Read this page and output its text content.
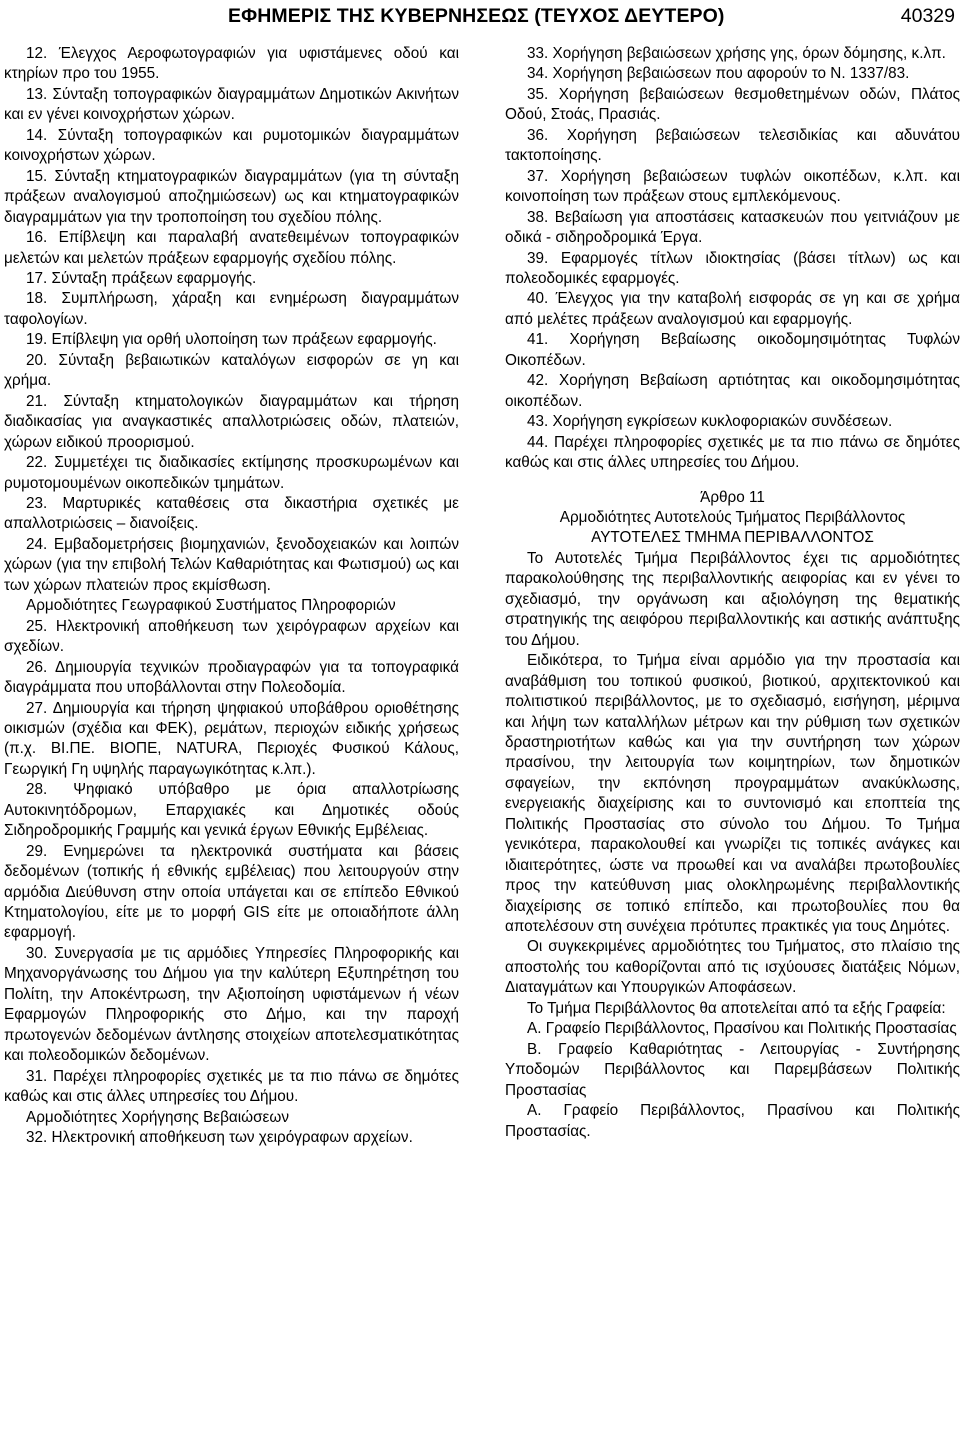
ΕΦΗΜΕΡΙΣ ΤΗΣ ΚΥΒΕΡΝΗΣΕΩΣ (ΤΕΥΧΟΣ ΔΕΥΤΕΡΟ)	40329

12. Έλεγχος Αεροφωτογραφιών για υφιστάμενες οδού και κτηρίων προ του 1955.

13. Σύνταξη τοπογραφικών διαγραμμάτων Δημοτικών Ακινήτων και εν γένει κοινοχρήστων χώρων.

14. Σύνταξη τοπογραφικών και ρυμοτομικών διαγραμμάτων κοινοχρήστων χώρων.

15. Σύνταξη κτηματογραφικών διαγραμμάτων (για τη σύνταξη πράξεων αναλογισμού αποζημιώσεων) ως και κτηματογραφικών διαγραμμάτων για την τροποποίηση του σχεδίου πόλης.

16. Επίβλεψη και παραλαβή ανατεθειμένων τοπογραφικών μελετών και μελετών πράξεων εφαρμογής σχεδίου πόλης.

17. Σύνταξη πράξεων εφαρμογής.

18. Συμπλήρωση, χάραξη και ενημέρωση διαγραμμάτων ταφολογίων.

19. Επίβλεψη για ορθή υλοποίηση των πράξεων εφαρμογής.

20. Σύνταξη βεβαιωτικών καταλόγων εισφορών σε γη και χρήμα.

21. Σύνταξη κτηματολογικών διαγραμμάτων και τήρηση διαδικασίας για αναγκαστικές απαλλοτριώσεις οδών, πλατειών, χώρων ειδικού προορισμού.

22. Συμμετέχει τις διαδικασίες εκτίμησης προσκυρωμένων και ρυμοτομουμένων οικοπεδικών τμημάτων.

23. Μαρτυρικές καταθέσεις στα δικαστήρια σχετικές με απαλλοτριώσεις – διανοίξεις.

24. Εμβαδομετρήσεις βιομηχανιών, ξενοδοχειακών και λοιπών χώρων (για την επιβολή Τελών Καθαριότητας και Φωτισμού) ως και των χώρων πλατειών προς εκμίσθωση.

Αρμοδιότητες Γεωγραφικού Συστήματος Πληροφοριών

25. Ηλεκτρονική αποθήκευση των χειρόγραφων αρχείων και σχεδίων.

26. Δημιουργία τεχνικών προδιαγραφών για τα τοπογραφικά διαγράμματα που υποβάλλονται στην Πολεοδομία.

27. Δημιουργία και τήρηση ψηφιακού υποβάθρου οριοθέτησης οικισμών (σχέδια και ΦΕΚ), ρεμάτων, περιοχών ειδικής χρήσεως (π.χ. ΒΙ.ΠΕ. ΒΙΟΠΕ, NATURA, Περιοχές Φυσικού Κάλους, Γεωργική Γη υψηλής παραγωγικότητας κ.λπ.).

28. Ψηφιακό υπόβαθρο με όρια απαλλοτρίωσης Αυτοκινητόδρομων, Επαρχιακές και Δημοτικές οδούς Σιδηροδρομικής Γραμμής και γενικά έργων Εθνικής Εμβέλειας.

29. Ενημερώνει τα ηλεκτρονικά συστήματα και βάσεις δεδομένων (τοπικής ή εθνικής εμβέλειας) που λειτουργούν στην αρμόδια Διεύθυνση στην οποία υπάγεται και σε επίπεδο Εθνικού Κτηματολογίου, είτε με το μορφή GIS είτε με οποιαδήποτε άλλη εφαρμογή.

30. Συνεργασία με τις αρμόδιες Υπηρεσίες Πληροφορικής και Μηχανοργάνωσης του Δήμου για την καλύτερη Εξυπηρέτηση του Πολίτη, την Αποκέντρωση, την Αξιοποίηση υφιστάμενων ή νέων Εφαρμογών Πληροφορικής στο Δήμο, και την παροχή πρωτογενών δεδομένων άντλησης στοιχείων αποτελεσματικότητας και πολεοδομικών δεδομένων.

31. Παρέχει πληροφορίες σχετικές με τα πιο πάνω σε δημότες καθώς και στις άλλες υπηρεσίες του Δήμου.

Αρμοδιότητες Χορήγησης Βεβαιώσεων

32. Ηλεκτρονική αποθήκευση των χειρόγραφων αρχείων.

33. Χορήγηση βεβαιώσεων χρήσης γης, όρων δόμησης, κ.λπ.

34. Χορήγηση βεβαιώσεων που αφορούν το Ν. 1337/83.

35. Χορήγηση βεβαιώσεων θεσμοθετημένων οδών, Πλάτος Οδού, Στοάς, Πρασιάς.

36. Χορήγηση βεβαιώσεων τελεσιδικίας και αδυνάτου τακτοποίησης.

37. Χορήγηση βεβαιώσεων τυφλών οικοπέδων, κ.λπ. και κοινοποίηση των πράξεων στους εμπλεκόμενους.

38. Βεβαίωση για αποστάσεις κατασκευών που γειτνιάζουν με οδικά - σιδηροδρομικά Έργα.

39. Εφαρμογές τίτλων ιδιοκτησίας (βάσει τίτλων) ως και πολεοδομικές εφαρμογές.

40. Έλεγχος για την καταβολή εισφοράς σε γη και σε χρήμα από μελέτες πράξεων αναλογισμού και εφαρμογής.

41. Χορήγηση Βεβαίωσης οικοδομησιμότητας Τυφλών Οικοπέδων.

42. Χορήγηση Βεβαίωση αρτιότητας και οικοδομησιμότητας οικοπέδων.

43. Χορήγηση εγκρίσεων κυκλοφοριακών συνδέσεων.

44. Παρέχει πληροφορίες σχετικές με τα πιο πάνω σε δημότες καθώς και στις άλλες υπηρεσίες του Δήμου.

Άρθρο 11

Αρμοδιότητες Αυτοτελούς Τμήματος Περιβάλλοντος

ΑΥΤΟΤΕΛΕΣ ΤΜΗΜΑ ΠΕΡΙΒΑΛΛΟΝΤΟΣ

Το Αυτοτελές Τμήμα Περιβάλλοντος έχει τις αρμοδιότητες παρακολούθησης της περιβαλλοντικής αειφορίας και εν γένει το σχεδιασμό, την οργάνωση και αξιολόγηση της θεματικής στρατηγικής της αειφόρου περιβαλλοντικής και αστικής ανάπτυξης του Δήμου.

Ειδικότερα, το Τμήμα είναι αρμόδιο για την προστασία και αναβάθμιση του τοπικού φυσικού, βιοτικού, αρχιτεκτονικού και πολιτιστικού περιβάλλοντος, με το σχεδιασμό, εισήγηση, μέριμνα και λήψη των καταλλήλων μέτρων και την ρύθμιση των σχετικών δραστηριοτήτων καθώς και για την συντήρηση των χώρων πρασίνου, την λειτουργία των κοιμητηρίων, των δημοτικών σφαγείων, την εκπόνηση προγραμμάτων ανακύκλωσης, ενεργειακής διαχείρισης και το συντονισμό και εποπτεία της Πολιτικής Προστασίας στο σύνολο του Δήμου. Το Τμήμα γενικότερα, παρακολουθεί και γνωρίζει τις τοπικές ανάγκες και ιδιαιτερότητες, ώστε να προωθεί και να αναλάβει πρωτοβουλίες προς την κατεύθυνση μιας ολοκληρωμένης περιβαλλοντικής διαχείρισης σε τοπικό επίπεδο, και πρωτοβουλίες που θα αποτελέσουν στη συνέχεια πρότυπες πρακτικές για τους Δημότες.

Οι συγκεκριμένες αρμοδιότητες του Τμήματος, στο πλαίσιο της αποστολής του καθορίζονται από τις ισχύουσες διατάξεις Νόμων, Διαταγμάτων και Υπουργικών Αποφάσεων.

Το Τμήμα Περιβάλλοντος θα αποτελείται από τα εξής Γραφεία:

Α. Γραφείο Περιβάλλοντος, Πρασίνου και Πολιτικής Προστασίας

Β. Γραφείο Καθαριότητας - Λειτουργίας - Συντήρησης Υποδομών Περιβάλλοντος και Παρεμβάσεων Πολιτικής Προστασίας

Α. Γραφείο Περιβάλλοντος, Πρασίνου και Πολιτικής Προστασίας.
